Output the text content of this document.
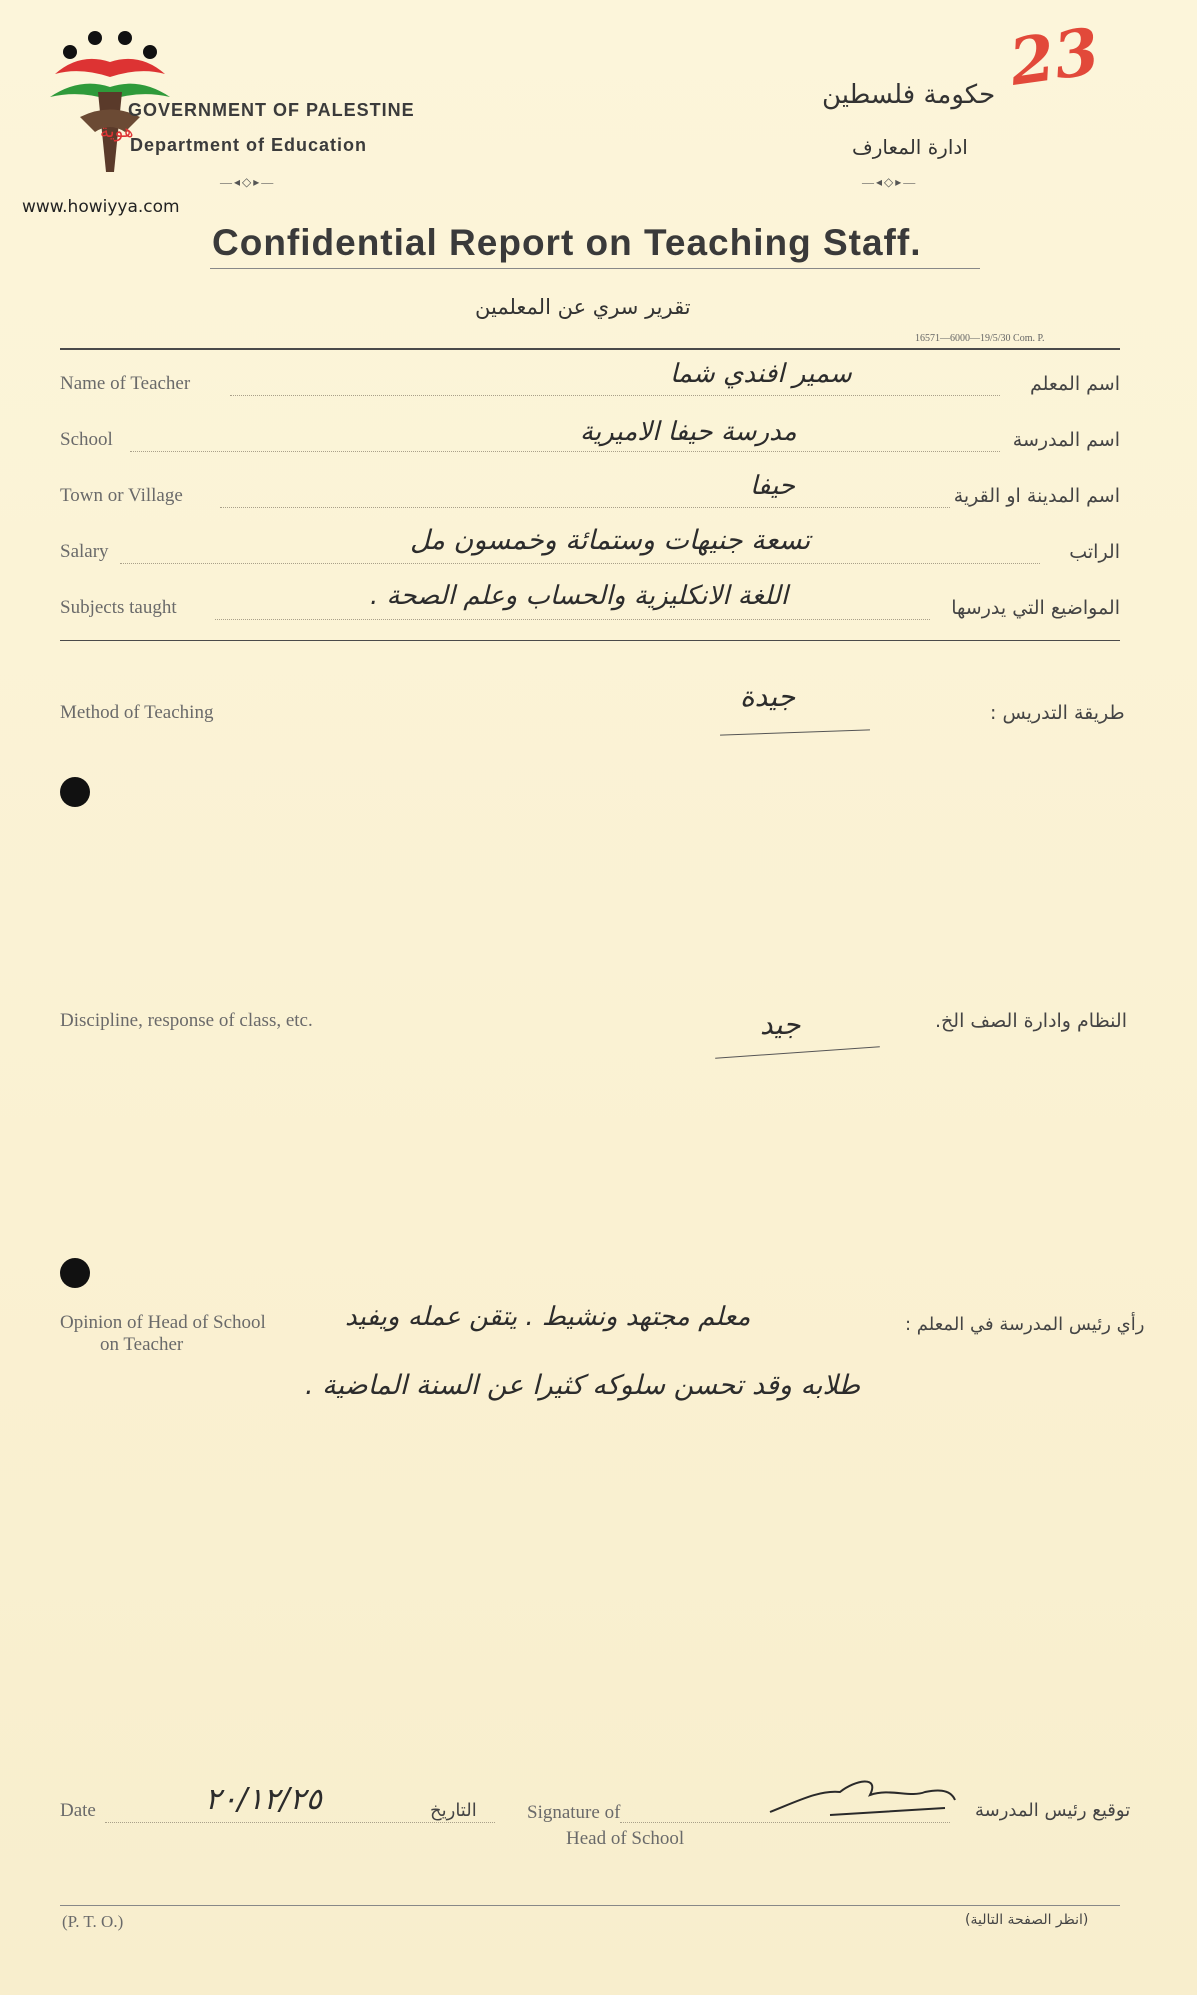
هوية
www.howiyya.com
GOVERNMENT OF PALESTINE
Department of Education
—◂◇▸—
حكومة فلسطين
ادارة المعارف
—◂◇▸—
23
Confidential Report on Teaching Staff.
تقرير سري عن المعلمين
16571—6000—19/5/30 Com. P.
Name of Teacher	سمير افندي شما	اسم المعلم
School	مدرسة حيفا الاميرية	اسم المدرسة
Town or Village	حيفا	اسم المدينة او القرية
Salary	تسعة جنيهات وستمائة وخمسون مل	الراتب
Subjects taught	اللغة الانكليزية والحساب وعلم الصحة .	المواضيع التي يدرسها
Method of Teaching	جيدة	طريقة التدريس :
Discipline, response of class, etc.	جيد	النظام وادارة الصف الخ.
Opinion of Head of School
on Teacher
معلم مجتهد ونشيط . يتقن عمله ويفيد	رأي رئيس المدرسة في المعلم :
طلابه وقد تحسن سلوكه كثيرا عن السنة الماضية .
Date	٢٠/١٢/٢٥	التاريخ	Signature of
Head of School
توقيع رئيس المدرسة
(P. T. O.)	(انظر الصفحة التالية)
